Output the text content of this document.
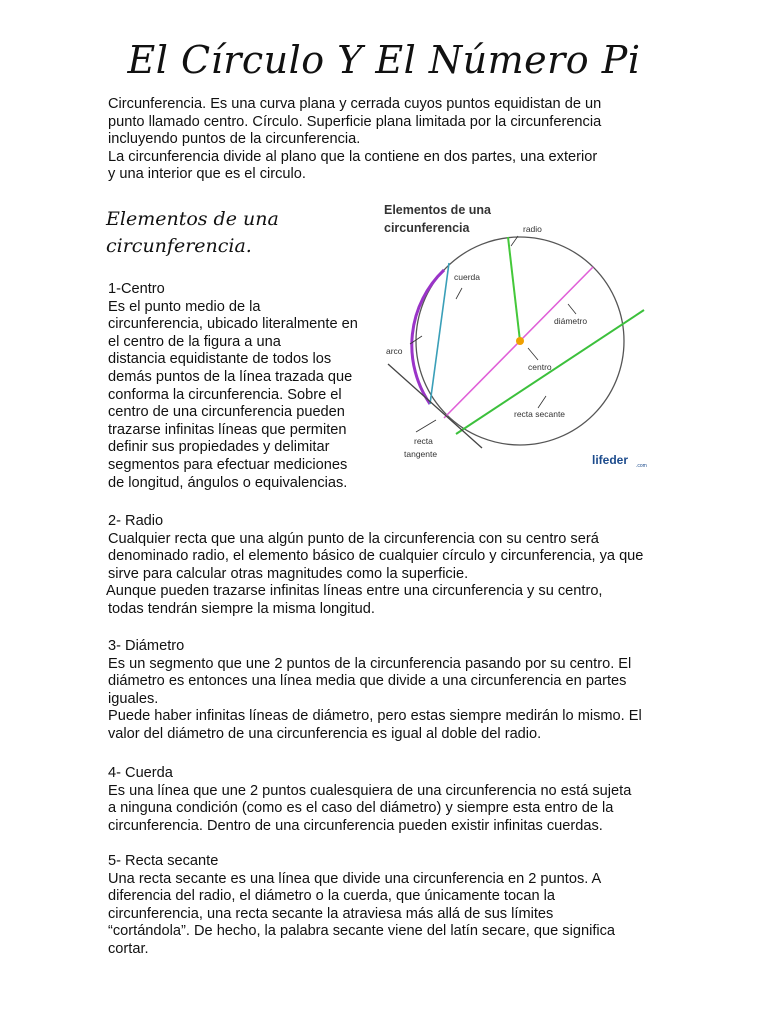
El Círculo Y El Número Pi
Circunferencia. Es una curva plana y cerrada cuyos puntos equidistan de un
punto llamado centro. Círculo. Superficie plana limitada por la circunferencia
incluyendo puntos de la circunferencia.
La circunferencia divide al plano que la contiene en dos partes, una exterior
y una interior que es el circulo.
Elementos de una
circunferencia.
1-Centro
Es el punto medio de la
circunferencia, ubicado literalmente en
el centro de la figura a una
distancia equidistante de todos los
demás puntos de la línea trazada que
conforma la circunferencia. Sobre el
centro de una circunferencia pueden
trazarse infinitas líneas que permiten
definir sus propiedades y delimitar
segmentos para efectuar mediciones
de longitud, ángulos o equivalencias.
2- Radio
Cualquier recta que una algún punto de la circunferencia con su centro será
denominado radio, el elemento básico de cualquier círculo y circunferencia, ya que
sirve para calcular otras magnitudes como la superficie.
Aunque pueden trazarse infinitas líneas entre una circunferencia y su centro,
todas tendrán siempre la misma longitud.
3- Diámetro
Es un segmento que une 2 puntos de la circunferencia pasando por su centro. El
diámetro es entonces una línea media que divide a una circunferencia en partes
iguales.
Puede haber infinitas líneas de diámetro, pero estas siempre medirán lo mismo. El
valor del diámetro de una circunferencia es igual al doble del radio.
4- Cuerda
Es una línea que une 2 puntos cualesquiera de una circunferencia no está sujeta
a ninguna condición (como es el caso del diámetro) y siempre esta entro de la
circunferencia. Dentro de una circunferencia pueden existir infinitas cuerdas.
5- Recta secante
Una recta secante es una línea que divide una circunferencia en 2 puntos. A
diferencia del radio, el diámetro o la cuerda, que únicamente tocan la
circunferencia, una recta secante la atraviesa más allá de sus límites
“cortándola”. De hecho, la palabra secante viene del latín secare, que significa
cortar.
Elementos de una
circunferencia	radio
cuerda
diámetro
arco
centro
recta secante
recta
tangente	lifeder .com
